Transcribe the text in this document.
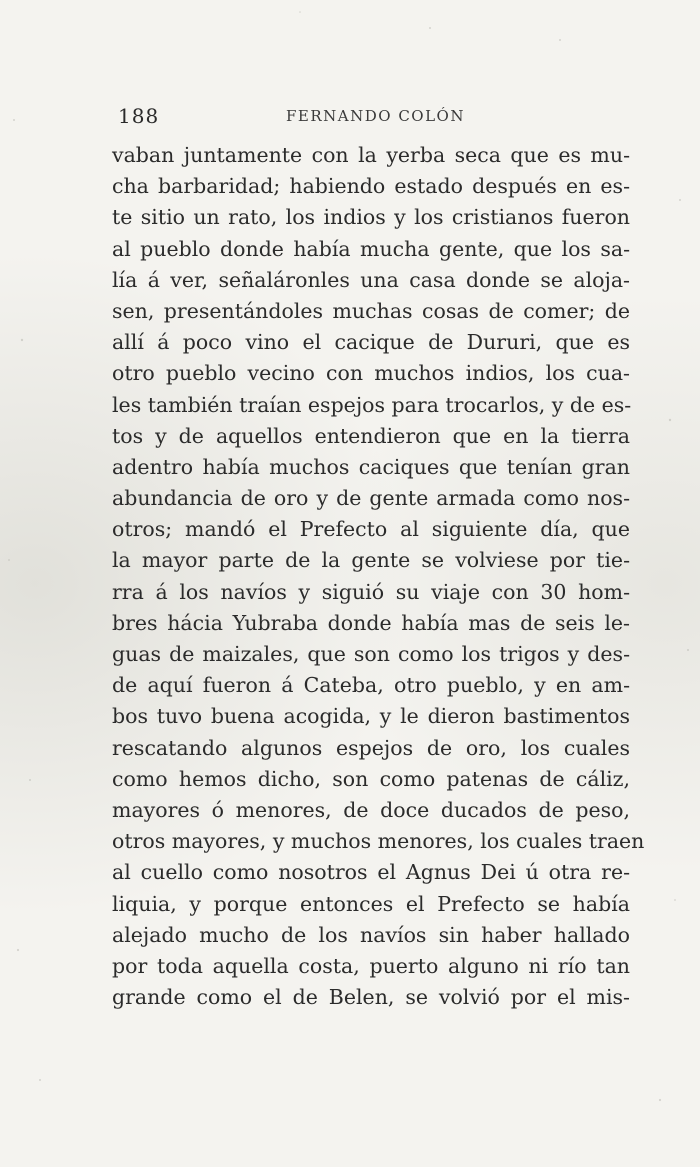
188	FERNANDO COLÓN
vaban juntamente con la yerba seca que es mu-
cha barbaridad; habiendo estado después en es-
te sitio un rato, los indios y los cristianos fueron
al pueblo donde había mucha gente, que los sa-
lía á ver, señaláronles una casa donde se aloja-
sen, presentándoles muchas cosas de comer; de
allí á poco vino el cacique de Dururi, que es
otro pueblo vecino con muchos indios, los cua-
les también traían espejos para trocarlos, y de es-
tos y de aquellos entendieron que en la tierra
adentro había muchos caciques que tenían gran
abundancia de oro y de gente armada como nos-
otros; mandó el Prefecto al siguiente día, que
la mayor parte de la gente se volviese por tie-
rra á los navíos y siguió su viaje con 30 hom-
bres hácia Yubraba donde había mas de seis le-
guas de maizales, que son como los trigos y des-
de aquí fueron á Cateba, otro pueblo, y en am-
bos tuvo buena acogida, y le dieron bastimentos
rescatando algunos espejos de oro, los cuales
como hemos dicho, son como patenas de cáliz,
mayores ó menores, de doce ducados de peso,
otros mayores, y muchos menores, los cuales traen
al cuello como nosotros el Agnus Dei ú otra re-
liquia, y porque entonces el Prefecto se había
alejado mucho de los navíos sin haber hallado
por toda aquella costa, puerto alguno ni río tan
grande como el de Belen, se volvió por el mis-
